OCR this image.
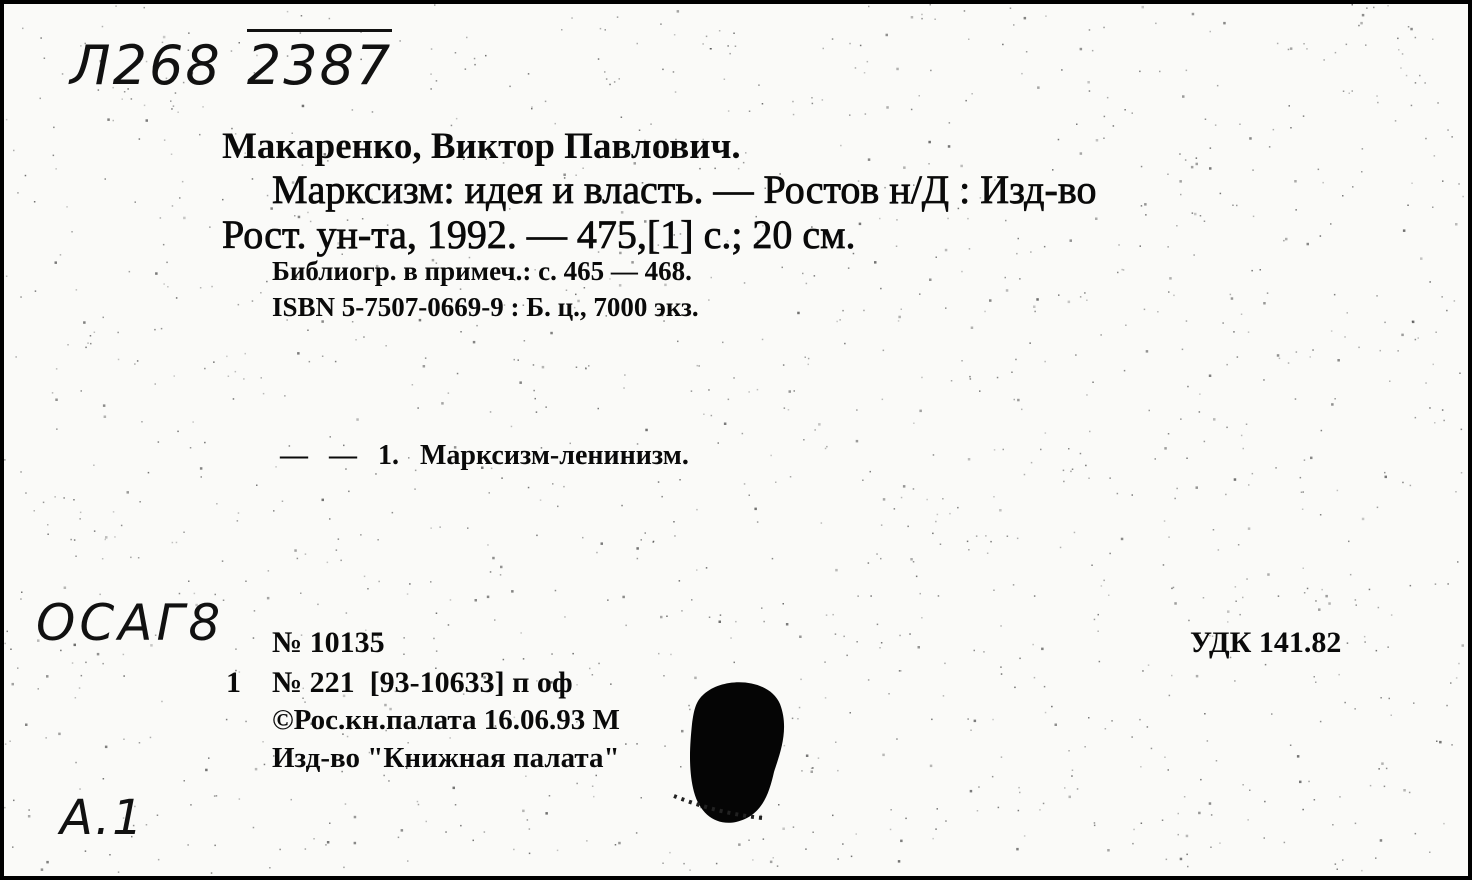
Л268 2387
Макаренко, Виктор Павлович.
Марксизм: идея и власть. — Ростов н/Д : Изд-во
Рост. ун-та, 1992. — 475,[1] с.; 20 см.
Библиогр. в примеч.: с. 465 — 468.
ISBN 5-7507-0669-9 : Б. ц., 7000 экз.
— — 1. Марксизм-ленинизм.
ОСАГ8 № 10135	УДК 141.82
1 № 221  [93-10633] п оф
©Рос.кн.палата 16.06.93 М
Изд-во "Книжная палата"
А.1
